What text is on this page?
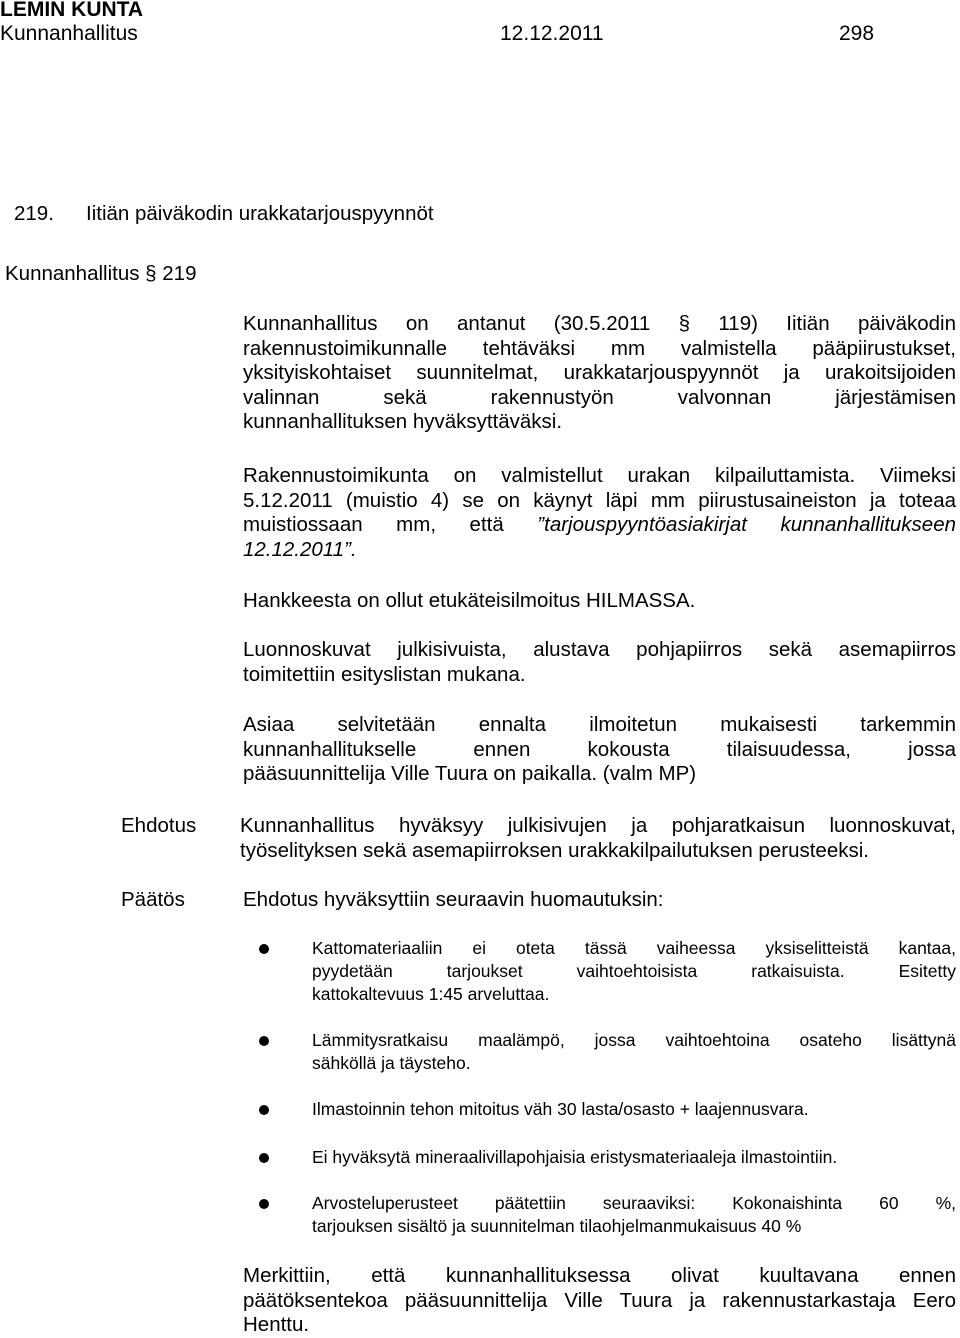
LEMIN KUNTA
Kunnanhallitus	12.12.2011	298
219. Iitiän päiväkodin urakkatarjouspyynnöt
Kunnanhallitus § 219

Kunnanhallitus on antanut (30.5.2011 § 119) Iitiän päiväkodin

rakennustoimikunnalle tehtäväksi mm valmistella pääpiirustukset,

yksityiskohtaiset suunnitelmat, urakkatarjouspyynnöt ja urakoitsijoiden

valinnan sekä rakennustyön valvonnan järjestämisen

kunnanhallituksen hyväksyttäväksi.

Rakennustoimikunta on valmistellut urakan kilpailuttamista. Viimeksi

5.12.2011 (muistio 4) se on käynyt läpi mm piirustusaineiston ja toteaa

muistiossaan mm, että ”tarjouspyyntöasiakirjat kunnanhallitukseen

12.12.2011”.

Hankkeesta on ollut etukäteisilmoitus HILMASSA.

Luonnoskuvat julkisivuista, alustava pohjapiirros sekä asemapiirros

toimitettiin esityslistan mukana.

Asiaa selvitetään ennalta ilmoitetun mukaisesti tarkemmin

kunnanhallitukselle ennen kokousta tilaisuudessa, jossa

pääsuunnittelija Ville Tuura on paikalla. (valm MP)

Ehdotus Kunnanhallitus hyväksyy julkisivujen ja pohjaratkaisun luonnoskuvat,

työselityksen sekä asemapiirroksen urakkakilpailutuksen perusteeksi.

Päätös	Ehdotus hyväksyttiin seuraavin huomautuksin:
Kattomateriaaliin ei oteta tässä vaiheessa yksiselitteistä kantaa,
pyydetään tarjoukset vaihtoehtoisista ratkaisuista. Esitetty
kattokaltevuus 1:45 arveluttaa.
Lämmitysratkaisu maalämpö, jossa vaihtoehtoina osateho lisättynä
sähköllä ja täysteho.
Ilmastoinnin tehon mitoitus väh 30 lasta/osasto + laajennusvara.
Ei hyväksytä mineraalivillapohjaisia eristysmateriaaleja ilmastointiin.
Arvosteluperusteet päätettiin seuraaviksi: Kokonaishinta 60 %,
tarjouksen sisältö ja suunnitelman tilaohjelmanmukaisuus 40 %

Merkittiin, että kunnanhallituksessa olivat kuultavana ennen

päätöksentekoa pääsuunnittelija Ville Tuura ja rakennustarkastaja Eero

Henttu.
